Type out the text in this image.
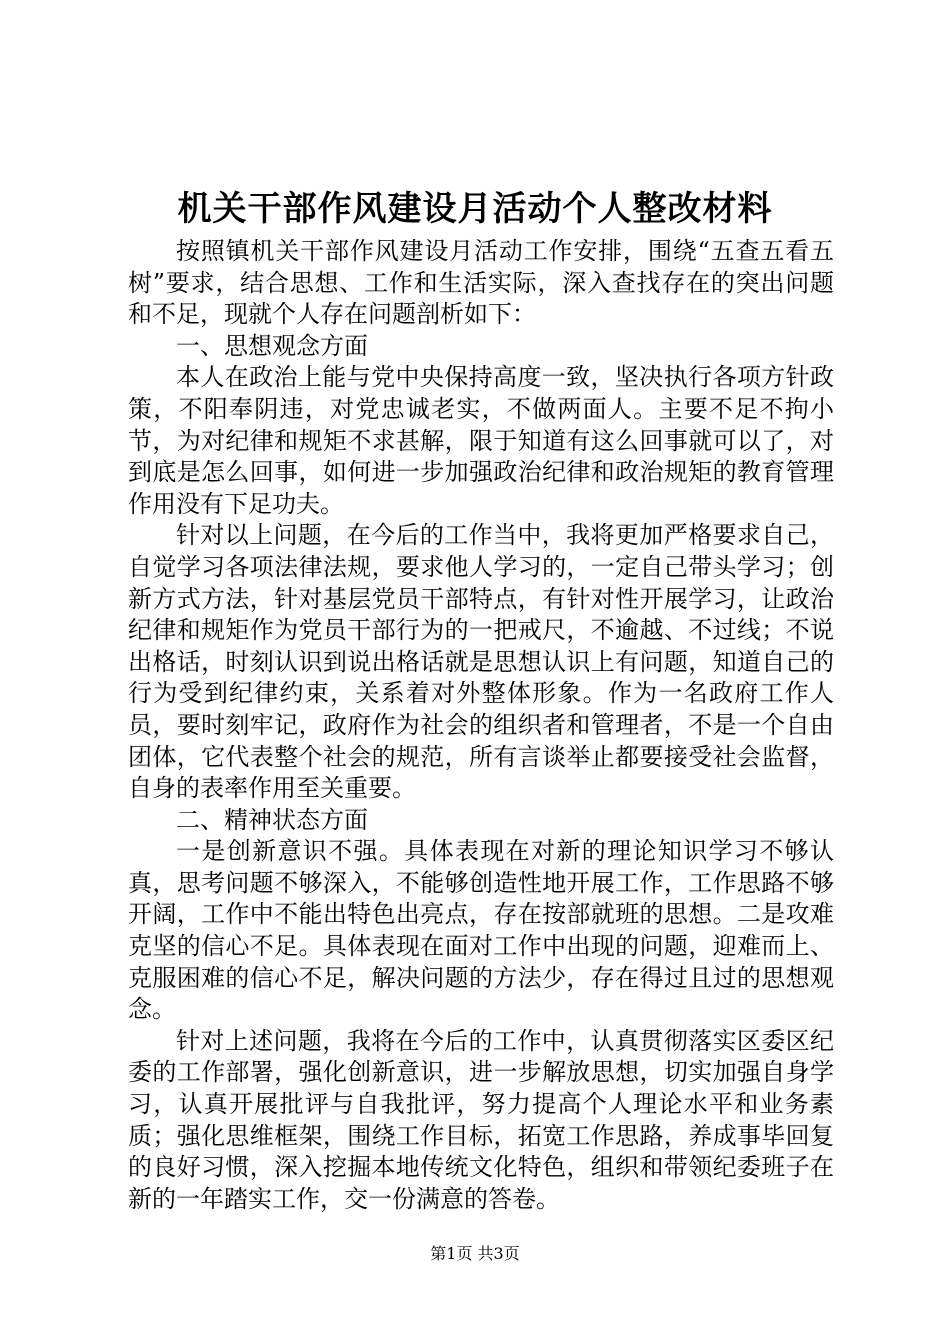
机关干部作风建设月活动个人整改材料

按照镇机关干部作风建设月活动工作安排，围绕“五查五看五树”要求，结合思想、工作和生活实际，深入查找存在的突出问题和不足，现就个人存在问题剖析如下：

一、思想观念方面

本人在政治上能与党中央保持高度一致，坚决执行各项方针政策，不阳奉阴违，对党忠诚老实，不做两面人。主要不足不拘小节，为对纪律和规矩不求甚解，限于知道有这么回事就可以了，对到底是怎么回事，如何进一步加强政治纪律和政治规矩的教育管理作用没有下足功夫。

针对以上问题，在今后的工作当中，我将更加严格要求自己，自觉学习各项法律法规，要求他人学习的，一定自己带头学习；创新方式方法，针对基层党员干部特点，有针对性开展学习，让政治纪律和规矩作为党员干部行为的一把戒尺，不逾越、不过线；不说出格话，时刻认识到说出格话就是思想认识上有问题，知道自己的行为受到纪律约束，关系着对外整体形象。作为一名政府工作人员，要时刻牢记，政府作为社会的组织者和管理者，不是一个自由团体，它代表整个社会的规范，所有言谈举止都要接受社会监督，自身的表率作用至关重要。

二、精神状态方面

一是创新意识不强。具体表现在对新的理论知识学习不够认真，思考问题不够深入，不能够创造性地开展工作，工作思路不够开阔，工作中不能出特色出亮点，存在按部就班的思想。二是攻难克坚的信心不足。具体表现在面对工作中出现的问题，迎难而上、克服困难的信心不足，解决问题的方法少，存在得过且过的思想观念。

针对上述问题，我将在今后的工作中，认真贯彻落实区委区纪委的工作部署，强化创新意识，进一步解放思想，切实加强自身学习，认真开展批评与自我批评，努力提高个人理论水平和业务素质；强化思维框架，围绕工作目标，拓宽工作思路，养成事毕回复的良好习惯，深入挖掘本地传统文化特色，组织和带领纪委班子在新的一年踏实工作，交一份满意的答卷。

第1页 共3页
